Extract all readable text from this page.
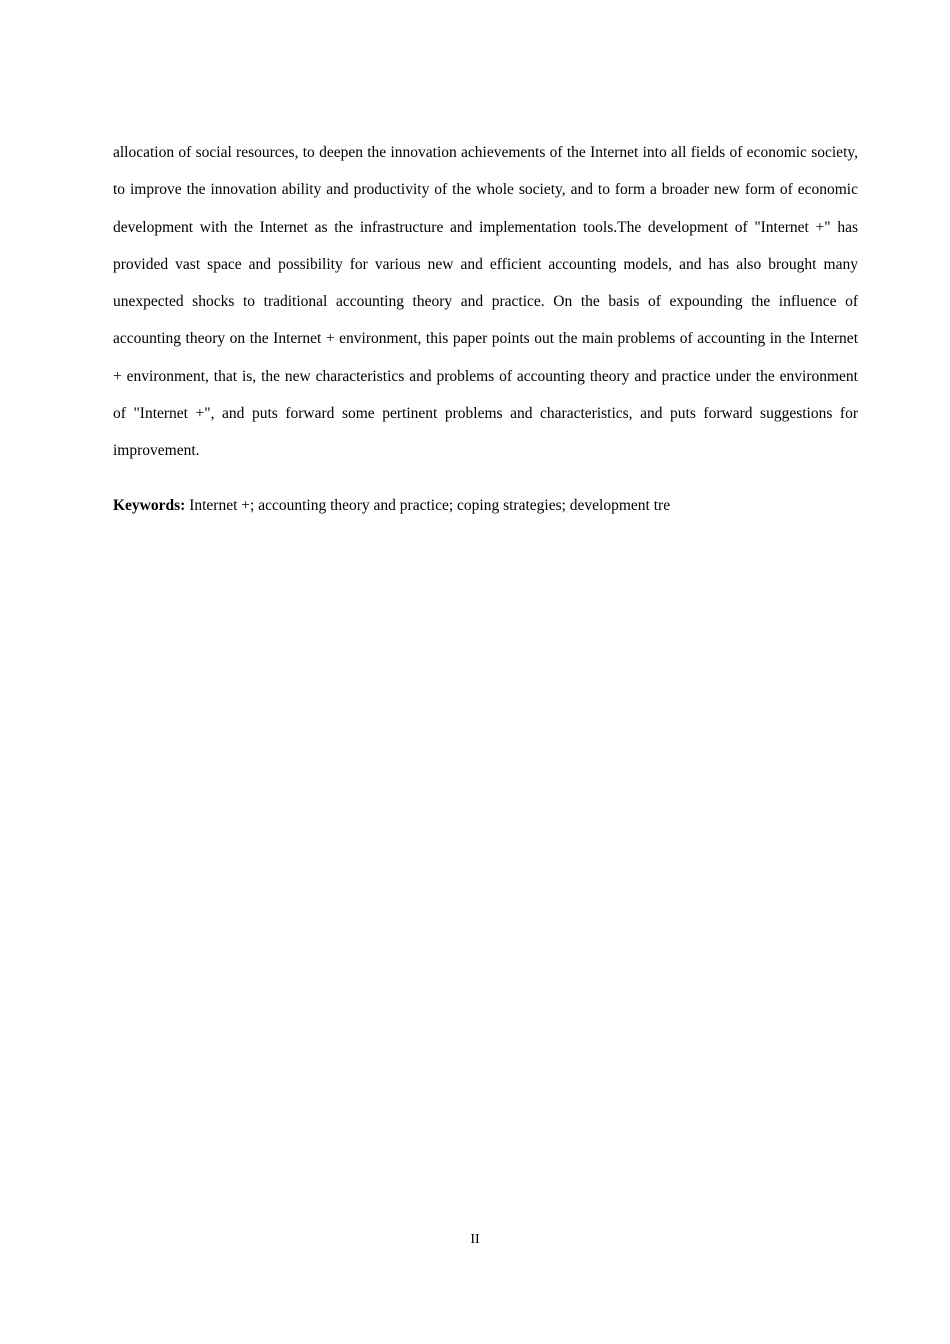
allocation of social resources, to deepen the innovation achievements of the Internet into all fields of economic society, to improve the innovation ability and productivity of the whole society, and to form a broader new form of economic development with the Internet as the infrastructure and implementation tools.The development of "Internet +" has provided vast space and possibility for various new and efficient accounting models, and has also brought many unexpected shocks to traditional accounting theory and practice. On the basis of expounding the influence of accounting theory on the Internet + environment, this paper points out the main problems of accounting in the Internet + environment, that is, the new characteristics and problems of accounting theory and practice under the environment of "Internet +", and puts forward some pertinent problems and characteristics, and puts forward suggestions for improvement.

Keywords: Internet +; accounting theory and practice; coping strategies; development tre

II
